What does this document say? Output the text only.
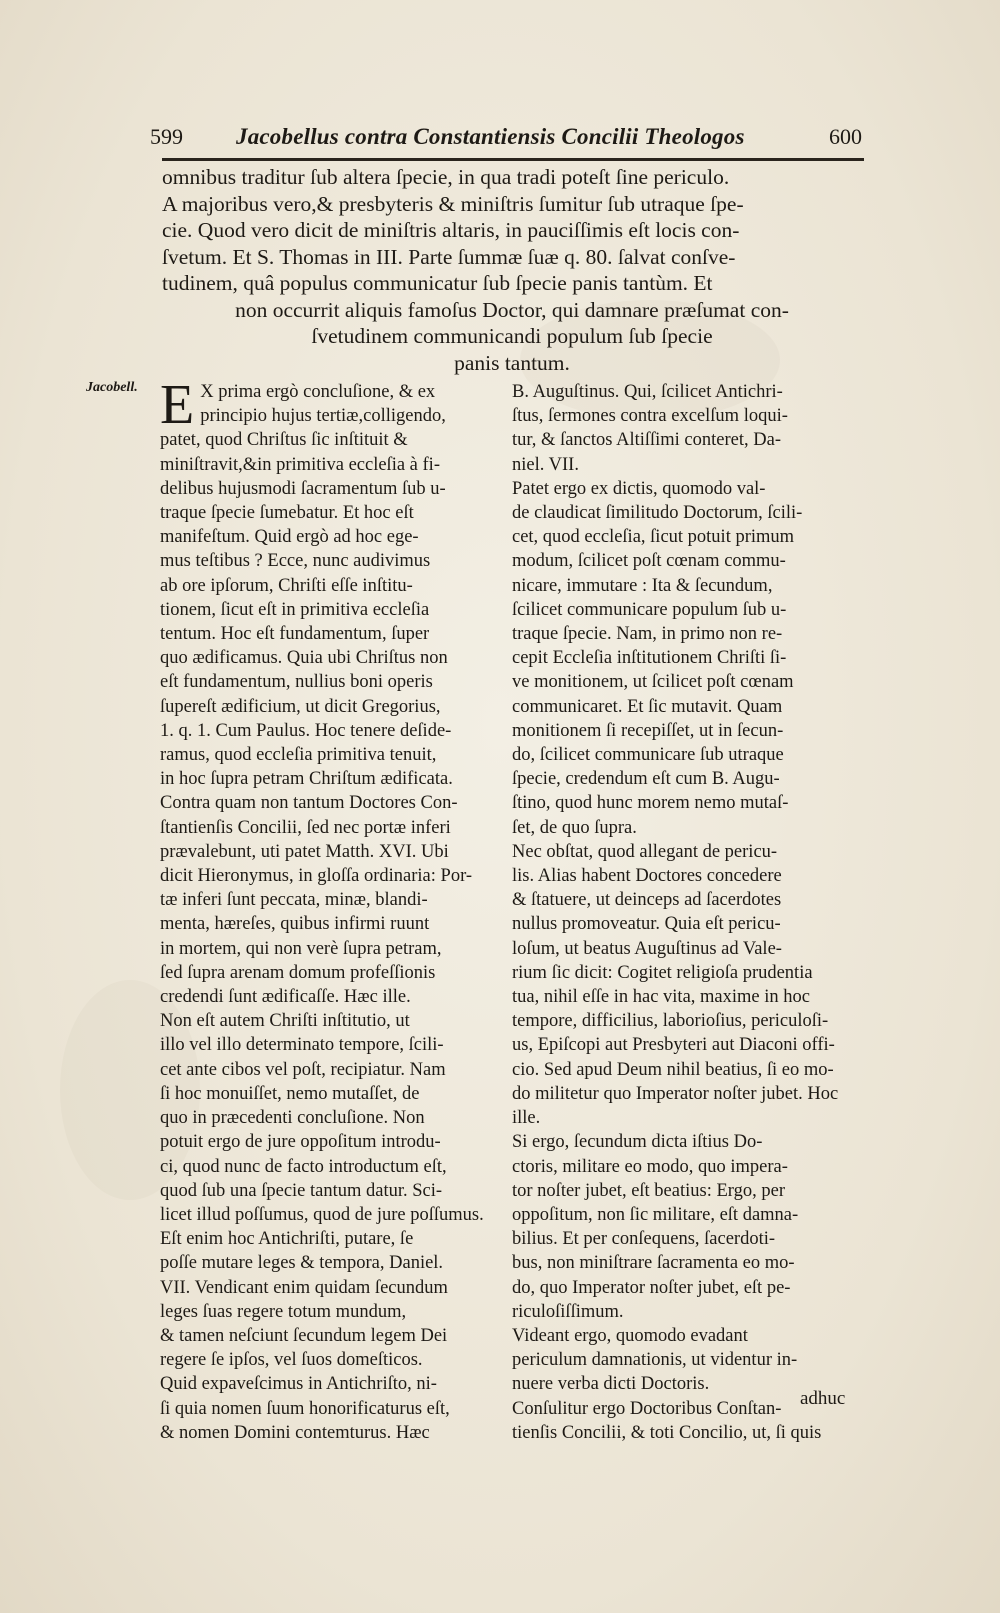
599 Jacobellus contra Constantiensis Concilii Theologos	600
omnibus traditur ſub altera ſpecie, in qua tradi poteſt ſine periculo.
A majoribus vero,& presbyteris & miniſtris ſumitur ſub utraque ſpe-
cie. Quod vero dicit de miniſtris altaris, in pauciſſimis eſt locis con-
ſvetum. Et S. Thomas in III. Parte ſummæ ſuæ q. 80. ſalvat conſve-
tudinem, quâ populus communicatur ſub ſpecie panis tantùm. Et
non occurrit aliquis famoſus Doctor, qui damnare præſumat con-
ſvetudinem communicandi populum ſub ſpecie
panis tantum.
Jacobell. E X prima ergò concluſione, & ex
principio hujus tertiæ,colligendo,
patet, quod Chriſtus ſic inſtituit &
miniſtravit,&in primitiva eccleſia à fi-
delibus hujusmodi ſacramentum ſub u-
traque ſpecie ſumebatur. Et hoc eſt
manifeſtum. Quid ergò ad hoc ege-
mus teſtibus ? Ecce, nunc audivimus
ab ore ipſorum, Chriſti eſſe inſtitu-
tionem, ſicut eſt in primitiva eccleſia
tentum. Hoc eſt fundamentum, ſuper
quo ædificamus. Quia ubi Chriſtus non
eſt fundamentum, nullius boni operis
ſupereſt ædificium, ut dicit Gregorius,
1. q. 1. Cum Paulus. Hoc tenere deſide-
ramus, quod eccleſia primitiva tenuit,
in hoc ſupra petram Chriſtum ædificata.
Contra quam non tantum Doctores Con-
ſtantienſis Concilii, ſed nec portæ inferi
prævalebunt, uti patet Matth. XVI. Ubi
dicit Hieronymus, in gloſſa ordinaria: Por-
tæ inferi ſunt peccata, minæ, blandi-
menta, hæreſes, quibus infirmi ruunt
in mortem, qui non verè ſupra petram,
ſed ſupra arenam domum profeſſionis
credendi ſunt ædificaſſe. Hæc ille.
Non eſt autem Chriſti inſtitutio, ut
illo vel illo determinato tempore, ſcili-
cet ante cibos vel poſt, recipiatur. Nam
ſi hoc monuiſſet, nemo mutaſſet, de
quo in præcedenti concluſione. Non
potuit ergo de jure oppoſitum introdu-
ci, quod nunc de facto introductum eſt,
quod ſub una ſpecie tantum datur. Sci-
licet illud poſſumus, quod de jure poſſumus.
Eſt enim hoc Antichriſti, putare, ſe
poſſe mutare leges & tempora, Daniel.
VII. Vendicant enim quidam ſecundum
leges ſuas regere totum mundum,
& tamen neſciunt ſecundum legem Dei
regere ſe ipſos, vel ſuos domeſticos.
Quid expaveſcimus in Antichriſto, ni-
ſi quia nomen ſuum honorificaturus eſt,
& nomen Domini contemturus. Hæc
B. Auguſtinus. Qui, ſcilicet Antichri-
ſtus, ſermones contra excelſum loqui-
tur, & ſanctos Altiſſimi conteret, Da-
niel. VII.
Patet ergo ex dictis, quomodo val-
de claudicat ſimilitudo Doctorum, ſcili-
cet, quod eccleſia, ſicut potuit primum
modum, ſcilicet poſt cœnam commu-
nicare, immutare : Ita & ſecundum,
ſcilicet communicare populum ſub u-
traque ſpecie. Nam, in primo non re-
cepit Eccleſia inſtitutionem Chriſti ſi-
ve monitionem, ut ſcilicet poſt cœnam
communicaret. Et ſic mutavit. Quam
monitionem ſi recepiſſet, ut in ſecun-
do, ſcilicet communicare ſub utraque
ſpecie, credendum eſt cum B. Augu-
ſtino, quod hunc morem nemo mutaſ-
ſet, de quo ſupra.
Nec obſtat, quod allegant de pericu-
lis. Alias habent Doctores concedere
& ſtatuere, ut deinceps ad ſacerdotes
nullus promoveatur. Quia eſt pericu-
loſum, ut beatus Auguſtinus ad Vale-
rium ſic dicit: Cogitet religioſa prudentia
tua, nihil eſſe in hac vita, maxime in hoc
tempore, difficilius, laborioſius, periculoſi-
us, Epiſcopi aut Presbyteri aut Diaconi offi-
cio. Sed apud Deum nihil beatius, ſi eo mo-
do militetur quo Imperator noſter jubet. Hoc
ille.
Si ergo, ſecundum dicta iſtius Do-
ctoris, militare eo modo, quo impera-
tor noſter jubet, eſt beatius: Ergo, per
oppoſitum, non ſic militare, eſt damna-
bilius. Et per conſequens, ſacerdoti-
bus, non miniſtrare ſacramenta eo mo-
do, quo Imperator noſter jubet, eſt pe-
riculoſiſſimum.
Videant ergo, quomodo evadant
periculum damnationis, ut videntur in-
nuere verba dicti Doctoris.
Conſulitur ergo Doctoribus Conſtan-
tienſis Concilii, & toti Concilio, ut, ſi quis
adhuc
